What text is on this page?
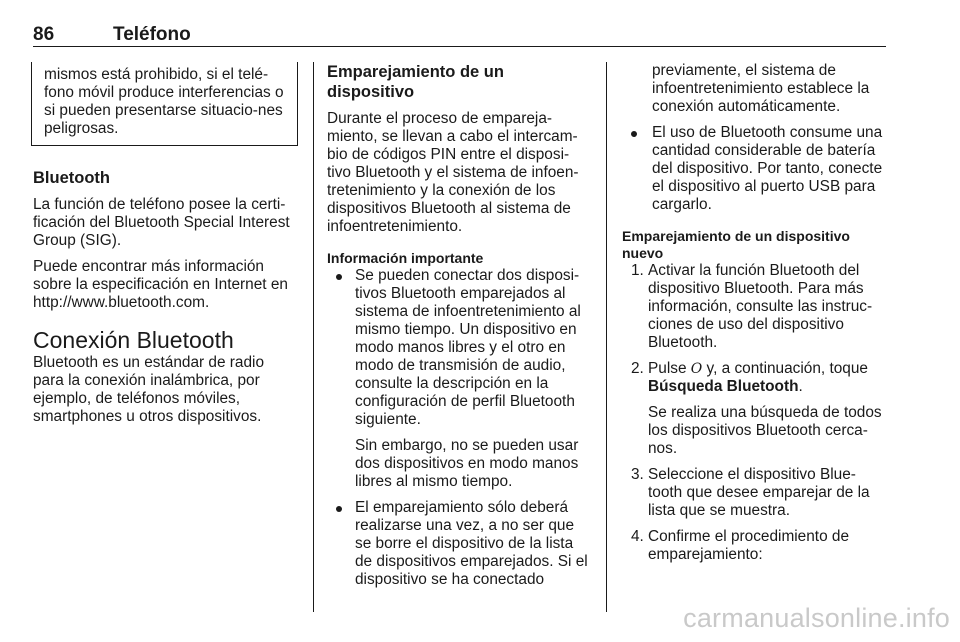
86	Teléfono

mismos está prohibido, si el telé-fono móvil produce interferencias o si pueden presentarse situacio-nes peligrosas.

Bluetooth

La función de teléfono posee la certi-ficación del Bluetooth Special Interest Group (SIG).

Puede encontrar más información sobre la especificación en Internet en http://www.bluetooth.com.

Conexión Bluetooth

Bluetooth es un estándar de radio para la conexión inalámbrica, por ejemplo, de teléfonos móviles, smartphones u otros dispositivos.

Emparejamiento de un dispositivo

Durante el proceso de empareja-miento, se llevan a cabo el intercam-bio de códigos PIN entre el disposi-tivo Bluetooth y el sistema de infoen-tretenimiento y la conexión de los dispositivos Bluetooth al sistema de infoentretenimiento.

Información importante

Se pueden conectar dos disposi-tivos Bluetooth emparejados al sistema de infoentretenimiento al mismo tiempo. Un dispositivo en modo manos libres y el otro en modo de transmisión de audio, consulte la descripción en la configuración de perfil Bluetooth siguiente.

Sin embargo, no se pueden usar dos dispositivos en modo manos libres al mismo tiempo.

El emparejamiento sólo deberá realizarse una vez, a no ser que se borre el dispositivo de la lista de dispositivos emparejados. Si el dispositivo se ha conectado

previamente, el sistema de infoentretenimiento establece la conexión automáticamente.

El uso de Bluetooth consume una cantidad considerable de batería del dispositivo. Por tanto, conecte el dispositivo al puerto USB para cargarlo.

Emparejamiento de un dispositivo nuevo
1. Activar la función Bluetooth del dispositivo Bluetooth. Para más información, consulte las instruc-ciones de uso del dispositivo Bluetooth.

2. Pulse 𝑂 y, a continuación, toque Búsqueda Bluetooth.

Se realiza una búsqueda de todos los dispositivos Bluetooth cerca-nos.

3. Seleccione el dispositivo Blue-tooth que desee emparejar de la lista que se muestra.

4. Confirme el procedimiento de emparejamiento:

carmanualsonline.info
